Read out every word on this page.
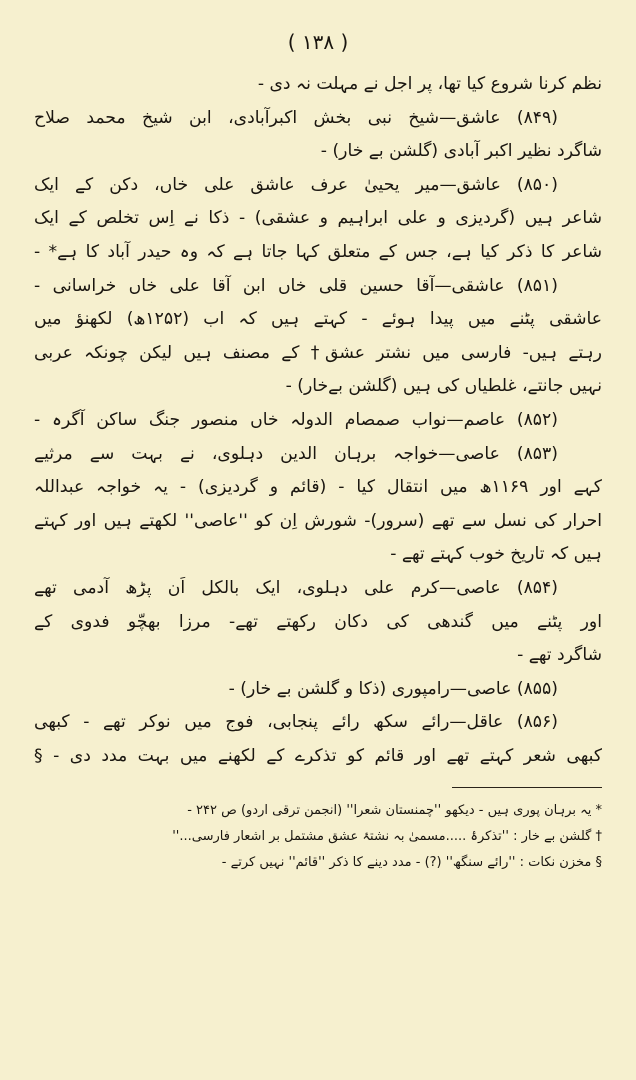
( ۱۳۸ )
نظم کرنا شروع کیا تھا، پر اجل نے مہلت نہ دی -
(۸۴۹) عاشق—شیخ نبی بخش اکبرآبادی، ابن شیخ محمد صلاح
شاگرد نظیر اکبر آبادی (گلشن بے خار) -
(۸۵۰) عاشق—میر یحییٰ عرف عاشق علی خاں، دکن کے ایک
شاعر ہیں (گردیزی و علی ابراہیم و عشقی) - ذکا نے اِس تخلص کے ایک
شاعر کا ذکر کیا ہے، جس کے متعلق کہا جاتا ہے کہ وہ حیدر آباد کا ہے* -
(۸۵۱) عاشقی—آقا حسین قلی خاں ابن آقا علی خاں خراسانی -
عاشقی پٹنے میں پیدا ہوئے - کہتے ہیں کہ اب (۱۲۵۲ھ) لکھنؤ میں
رہتے ہیں- فارسی میں نشتر عشق† کے مصنف ہیں لیکن چونکہ عربی
نہیں جانتے، غلطیاں کی ہیں (گلشن بےخار) -
(۸۵۲) عاصم—نواب صمصام الدولہ خاں منصور جنگ ساکن آگرہ -
(۸۵۳) عاصی—خواجہ برہان الدین دہلوی، نے بہت سے مرثیے
کہے اور ۱۱۶۹ھ میں انتقال کیا - (قائم و گردیزی) - یہ خواجہ عبداللہ
احرار کی نسل سے تھے (سرور)- شورش اِن کو ''عاصی'' لکھتے ہیں اور کہتے
ہیں کہ تاریخ خوب کہتے تھے -
(۸۵۴) عاصی—کرم علی دہلوی، ایک بالکل اَن پڑھ آدمی تھے
اور پٹنے میں گندھی کی دکان رکھتے تھے- مرزا بھچّو فدوی کے
شاگرد تھے -
(۸۵۵) عاصی—رامپوری (ذکا و گلشن بے خار) -
(۸۵۶) عاقل—رائے سکھ رائے پنجابی، فوج میں نوکر تھے - کبھی
کبھی شعر کہتے تھے اور قائم کو تذکرے کے لکھنے میں بہت مدد دی - §
* یہ برہان پوری ہیں - دیکھو ''چمنستان شعرا'' (انجمن ترقی اردو) ص ۲۴۲ -
† گلشن بے خار : ''تذکرۂ .....مسمیٰ بہ نشتۂ عشق مشتمل بر اشعار فارسی...''
§ مخزن نکات : ''رائے سنگھ'' (?) - مدد دینے کا ذکر ''قائم'' نہیں کرتے -
